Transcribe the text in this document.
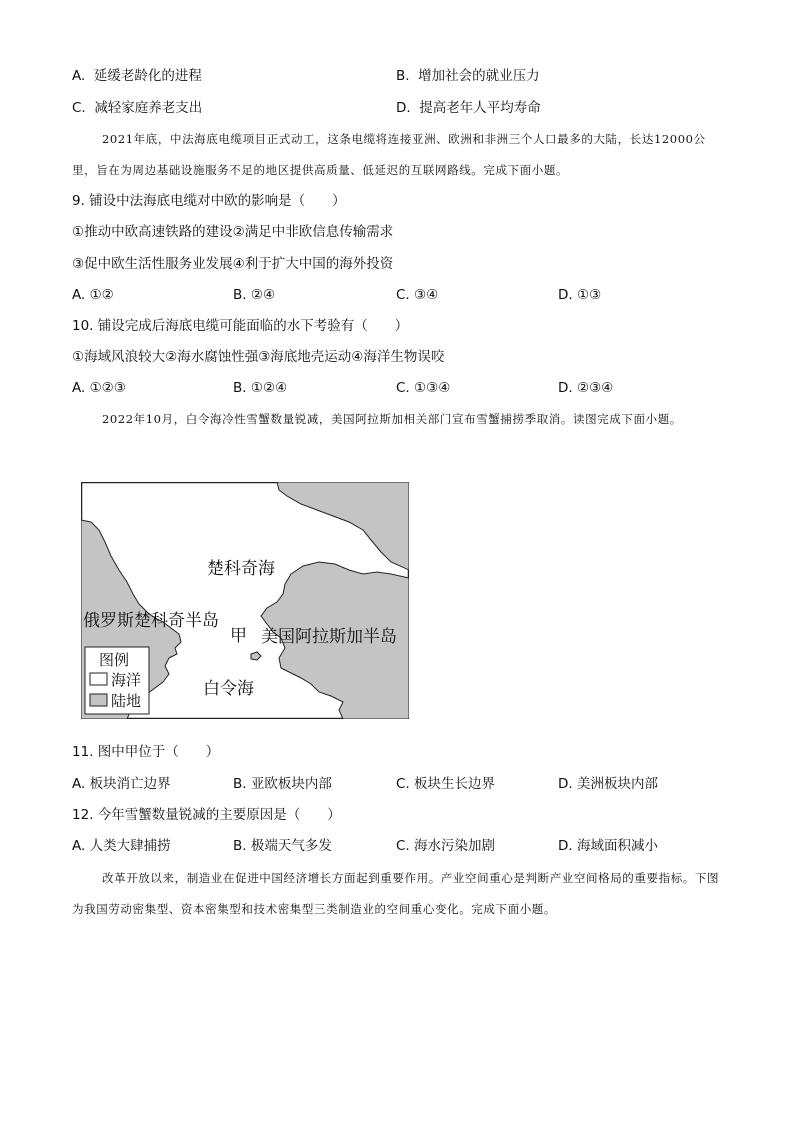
A. 延缓老龄化的进程	B. 增加社会的就业压力
C. 减轻家庭养老支出	D. 提高老年人平均寿命
2021年底，中法海底电缆项目正式动工，这条电缆将连接亚洲、欧洲和非洲三个人口最多的大陆，长达12000公里，旨在为周边基础设施服务不足的地区提供高质量、低延迟的互联网路线。完成下面小题。
9. 铺设中法海底电缆对中欧的影响是（　　）
①推动中欧高速铁路的建设②满足中非欧信息传输需求
③促中欧生活性服务业发展④利于扩大中国的海外投资
A. ①②	B. ②④	C. ③④	D. ①③
10. 铺设完成后海底电缆可能面临的水下考验有（　　）
①海域风浪较大②海水腐蚀性强③海底地壳运动④海洋生物误咬
A. ①②③	B. ①②④	C. ①③④	D. ②③④
2022年10月，白令海冷性雪蟹数量锐减，美国阿拉斯加相关部门宣布雪蟹捕捞季取消。读图完成下面小题。
楚科奇海
俄罗斯楚科奇半岛
甲 美国阿拉斯加半岛
白令海
图例
海洋
陆地
11. 图中甲位于（　　）
A. 板块消亡边界	B. 亚欧板块内部	C. 板块生长边界	D. 美洲板块内部
12. 今年雪蟹数量锐减的主要原因是（　　）
A. 人类大肆捕捞	B. 极端天气多发	C. 海水污染加剧	D. 海域面积减小
改革开放以来，制造业在促进中国经济增长方面起到重要作用。产业空间重心是判断产业空间格局的重要指标。下图为我国劳动密集型、资本密集型和技术密集型三类制造业的空间重心变化。完成下面小题。
